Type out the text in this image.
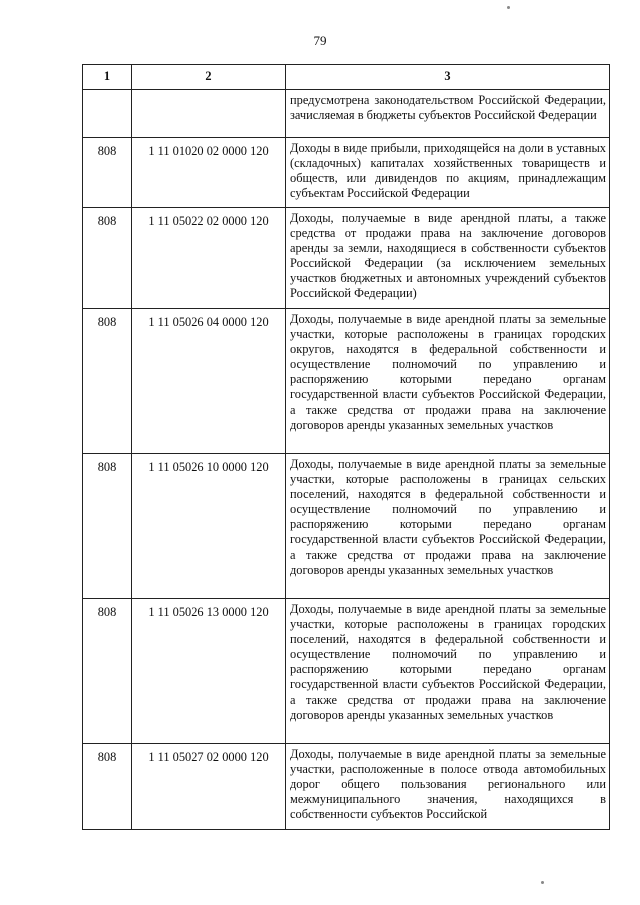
79
1	2	3
		предусмотрена законодательством Российской Федерации, зачисляемая в бюджеты субъектов Российской Федерации
808	1 11 01020 02 0000 120	Доходы в виде прибыли, приходящейся на доли в уставных (складочных) капиталах хозяйственных товариществ и обществ, или дивидендов по акциям, принадлежащим субъектам Российской Федерации
808	1 11 05022 02 0000 120	Доходы, получаемые в виде арендной платы, а также средства от продажи права на заключение договоров аренды за земли, находящиеся в собственности субъектов Российской Федерации (за исключением земельных участков бюджетных и автономных учреждений субъектов Российской Федерации)
808	1 11 05026 04 0000 120	Доходы, получаемые в виде арендной платы за земельные участки, которые расположены в границах городских округов, находятся в федеральной собственности и осуществление полномочий по управлению и распоряжению которыми передано органам государственной власти субъектов Российской Федерации, а также средства от продажи права на заключение договоров аренды указанных земельных участков
808	1 11 05026 10 0000 120	Доходы, получаемые в виде арендной платы за земельные участки, которые расположены в границах сельских поселений, находятся в федеральной собственности и осуществление полномочий по управлению и распоряжению которыми передано органам государственной власти субъектов Российской Федерации, а также средства от продажи права на заключение договоров аренды указанных земельных участков
808	1 11 05026 13 0000 120	Доходы, получаемые в виде арендной платы за земельные участки, которые расположены в границах городских поселений, находятся в федеральной собственности и осуществление полномочий по управлению и распоряжению которыми передано органам государственной власти субъектов Российской Федерации, а также средства от продажи права на заключение договоров аренды указанных земельных участков
808	1 11 05027 02 0000 120	Доходы, получаемые в виде арендной платы за земельные участки, расположенные в полосе отвода автомобильных дорог общего пользования регионального или межмуниципального значения, находящихся в собственности субъектов Российской
